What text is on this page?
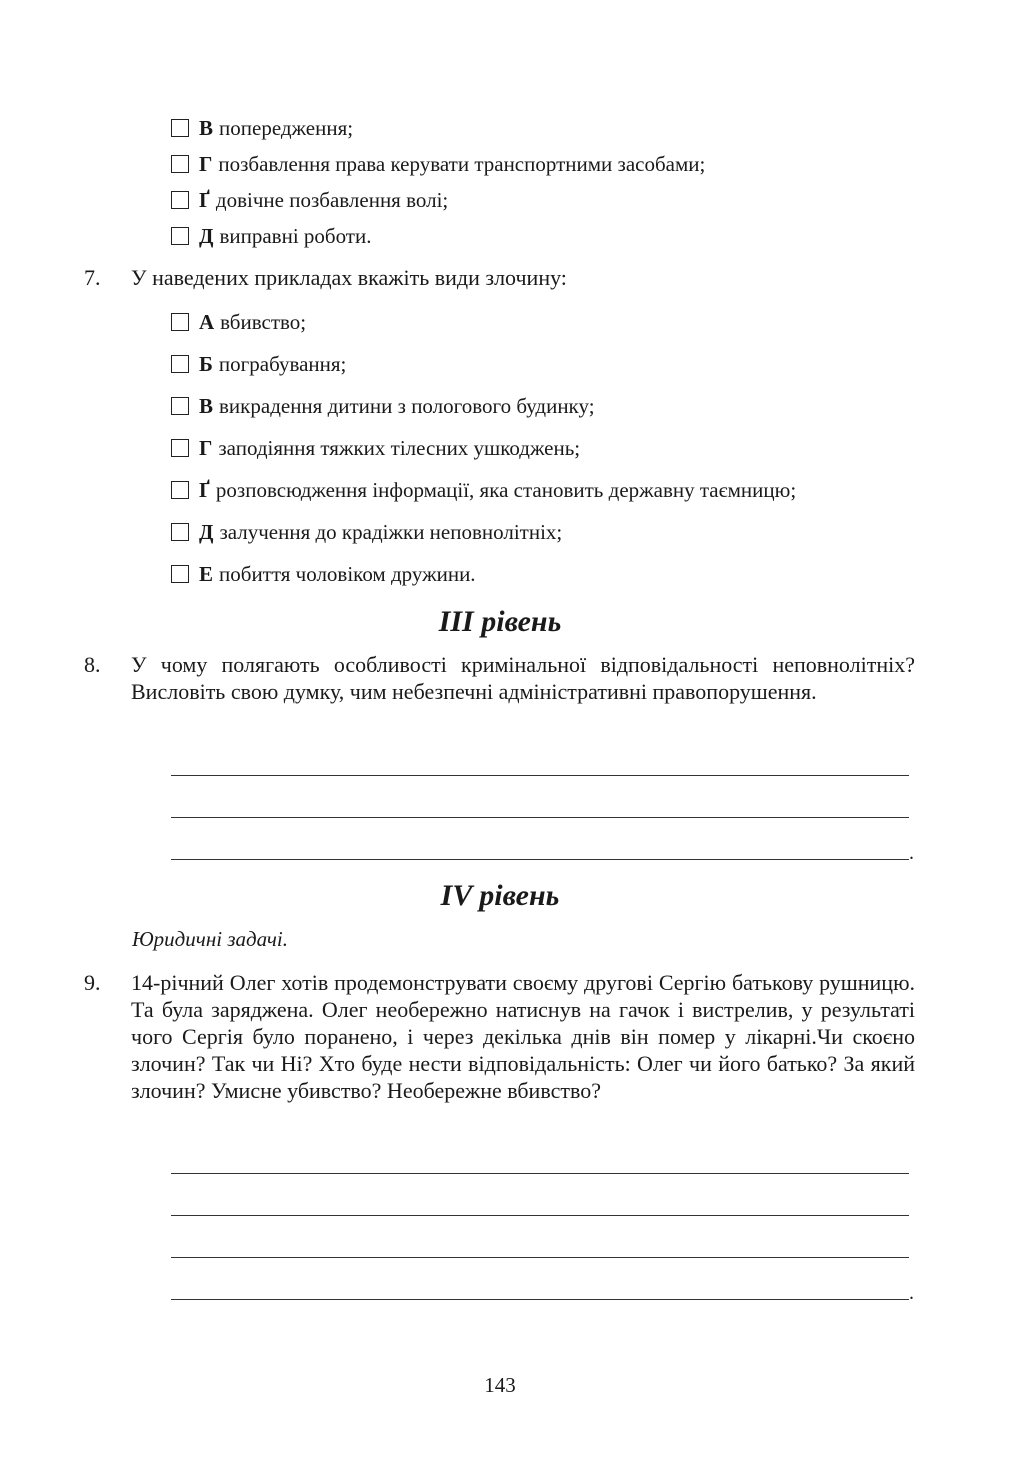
В попередження;
Г позбавлення права керувати транспортними засобами;
Ґ довічне позбавлення волі;
Д виправні роботи.
7. У наведених прикладах вкажіть види злочину:
А вбивство;
Б пограбування;
В викрадення дитини з пологового будинку;
Г заподіяння тяжких тілесних ушкоджень;
Ґ розповсюдження інформації, яка становить державну таємницю;
Д залучення до крадіжки неповнолітніх;
Е побиття чоловіком дружини.
III рівень
8. У чому полягають особливості кримінальної відповідальності неповнолітніх? Висловіть свою думку, чим небезпечні адміністративні правопорушення.
.
IV рівень
Юридичні задачі.
9. 14-річний Олег хотів продемонструвати своєму другові Сергію батькову рушницю. Та була заряджена. Олег необережно натиснув на гачок і вистрелив, у результаті чого Сергія було поранено, і через декілька днів він помер у лікарні.Чи скоєно злочин? Так чи Ні? Хто буде нести відповідальність: Олег чи його батько? За який злочин? Умисне убивство? Необережне вбивство?
.
143
